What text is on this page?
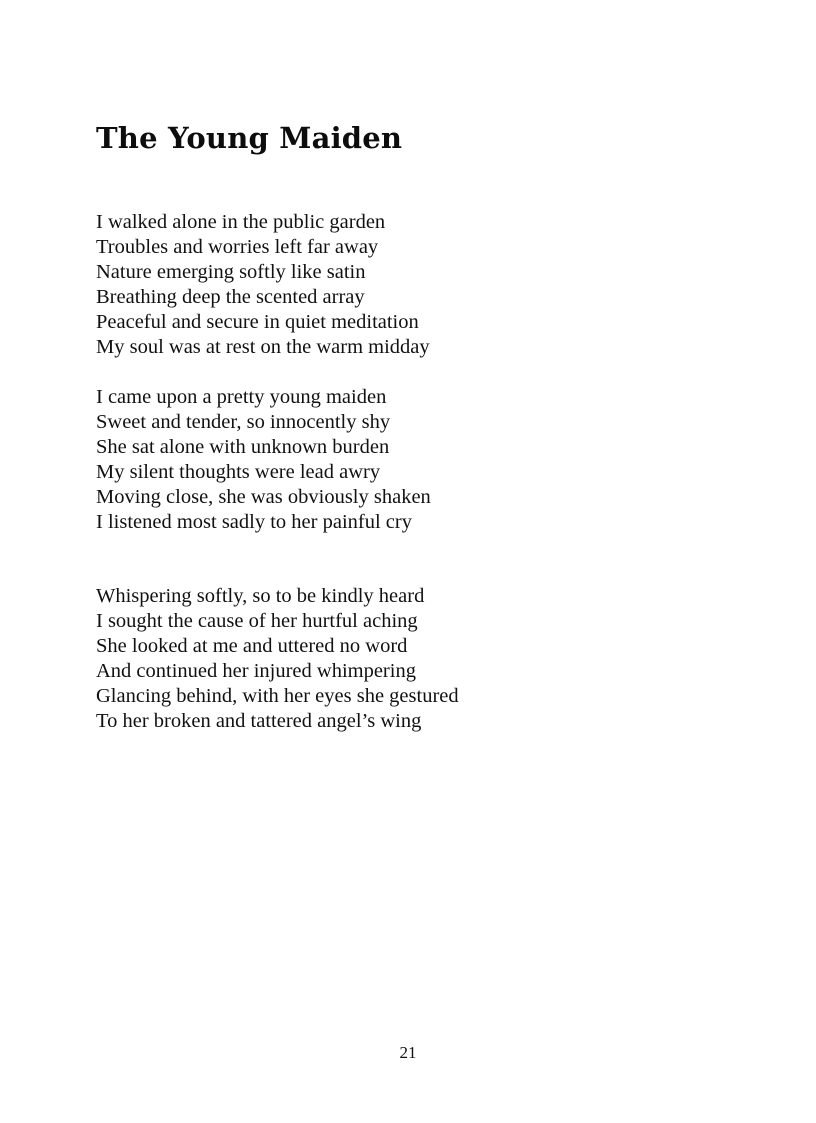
The Young Maiden

I walked alone in the public garden
Troubles and worries left far away
Nature emerging softly like satin
Breathing deep the scented array
Peaceful and secure in quiet meditation
My soul was at rest on the warm midday

I came upon a pretty young maiden
Sweet and tender, so innocently shy
She sat alone with unknown burden
My silent thoughts were lead awry
Moving close, she was obviously shaken
I listened most sadly to her painful cry

Whispering softly, so to be kindly heard
I sought the cause of her hurtful aching
She looked at me and uttered no word
And continued her injured whimpering
Glancing behind, with her eyes she gestured
To her broken and tattered angel’s wing

21
